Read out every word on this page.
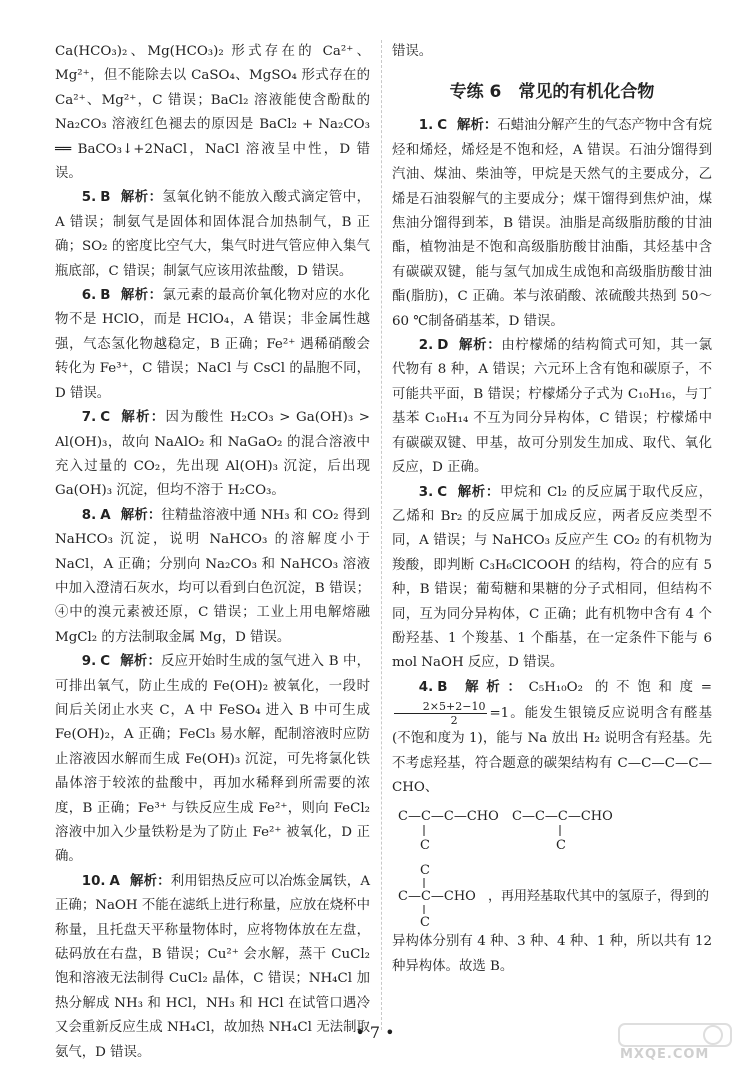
Ca(HCO₃)₂、Mg(HCO₃)₂ 形式存在的 Ca²⁺、Mg²⁺，但不能除去以 CaSO₄、MgSO₄ 形式存在的 Ca²⁺、Mg²⁺，C 错误；BaCl₂ 溶液能使含酚酞的 Na₂CO₃ 溶液红色褪去的原因是 BaCl₂ + Na₂CO₃ ══ BaCO₃↓+2NaCl，NaCl 溶液呈中性，D 错误。

5. B 解析：氢氧化钠不能放入酸式滴定管中，A 错误；制氨气是固体和固体混合加热制气，B 正确；SO₂ 的密度比空气大，集气时进气管应伸入集气瓶底部，C 错误；制氯气应该用浓盐酸，D 错误。

6. B 解析：氯元素的最高价氧化物对应的水化物不是 HClO，而是 HClO₄，A 错误；非金属性越强，气态氢化物越稳定，B 正确；Fe²⁺ 遇稀硝酸会转化为 Fe³⁺，C 错误；NaCl 与 CsCl 的晶胞不同，D 错误。

7. C 解析：因为酸性 H₂CO₃ > Ga(OH)₃ > Al(OH)₃，故向 NaAlO₂ 和 NaGaO₂ 的混合溶液中充入过量的 CO₂，先出现 Al(OH)₃ 沉淀，后出现 Ga(OH)₃ 沉淀，但均不溶于 H₂CO₃。

8. A 解析：往精盐溶液中通 NH₃ 和 CO₂ 得到 NaHCO₃ 沉淀，说明 NaHCO₃ 的溶解度小于 NaCl，A 正确；分别向 Na₂CO₃ 和 NaHCO₃ 溶液中加入澄清石灰水，均可以看到白色沉淀，B 错误；④中的溴元素被还原，C 错误；工业上用电解熔融 MgCl₂ 的方法制取金属 Mg，D 错误。

9. C 解析：反应开始时生成的氢气进入 B 中，可排出氧气，防止生成的 Fe(OH)₂ 被氧化，一段时间后关闭止水夹 C，A 中 FeSO₄ 进入 B 中可生成 Fe(OH)₂，A 正确；FeCl₃ 易水解，配制溶液时应防止溶液因水解而生成 Fe(OH)₃ 沉淀，可先将氯化铁晶体溶于较浓的盐酸中，再加水稀释到所需要的浓度，B 正确；Fe³⁺ 与铁反应生成 Fe²⁺，则向 FeCl₂ 溶液中加入少量铁粉是为了防止 Fe²⁺ 被氧化，D 正确。

10. A 解析：利用铝热反应可以冶炼金属铁，A 正确；NaOH 不能在滤纸上进行称量，应放在烧杯中称量，且托盘天平称量物体时，应将物体放在左盘，砝码放在右盘，B 错误；Cu²⁺ 会水解，蒸干 CuCl₂ 饱和溶液无法制得 CuCl₂ 晶体，C 错误；NH₄Cl 加热分解成 NH₃ 和 HCl，NH₃ 和 HCl 在试管口遇冷又会重新反应生成 NH₄Cl，故加热 NH₄Cl 无法制取氨气，D 错误。

错误。

专练 6　常见的有机化合物

1. C 解析：石蜡油分解产生的气态产物中含有烷烃和烯烃，烯烃是不饱和烃，A 错误。石油分馏得到汽油、煤油、柴油等，甲烷是天然气的主要成分，乙烯是石油裂解气的主要成分；煤干馏得到焦炉油，煤焦油分馏得到苯，B 错误。油脂是高级脂肪酸的甘油酯，植物油是不饱和高级脂肪酸甘油酯，其烃基中含有碳碳双键，能与氢气加成生成饱和高级脂肪酸甘油酯(脂肪)，C 正确。苯与浓硝酸、浓硫酸共热到 50～60 ℃制备硝基苯，D 错误。

2. D 解析：由柠檬烯的结构简式可知，其一氯代物有 8 种，A 错误；六元环上含有饱和碳原子，不可能共平面，B 错误；柠檬烯分子式为 C₁₀H₁₆，与丁基苯 C₁₀H₁₄ 不互为同分异构体，C 错误；柠檬烯中有碳碳双键、甲基，故可分别发生加成、取代、氧化反应，D 正确。

3. C 解析：甲烷和 Cl₂ 的反应属于取代反应，乙烯和 Br₂ 的反应属于加成反应，两者反应类型不同，A 错误；与 NaHCO₃ 反应产生 CO₂ 的有机物为羧酸，即判断 C₃H₆ClCOOH 的结构，符合的应有 5 种，B 错误；葡萄糖和果糖的分子式相同，但结构不同，互为同分异构体，C 正确；此有机物中含有 4 个酚羟基、1 个羧基、1 个酯基，在一定条件下能与 6 mol NaOH 反应，D 错误。

4. B 解析：C₅H₁₀O₂ 的不饱和度=
$\frac{2\times 5+2-10}{2} =1$。能发生银镜反应说明含有醛基(不饱和度为 1)，能与 Na 放出 H₂ 说明含有羟基。先不考虑羟基，符合题意的碳架结构有 C—C—C—C—CHO、

C—C—C—CHO
C
C—C—C—CHO
C
C
C—C—CHO
C
，再用羟基取代其中的氢原子，得到的

异构体分别有 4 种、3 种、4 种、1 种，所以共有 12 种异构体。故选 B。

• 7 •
MXQE.COM
